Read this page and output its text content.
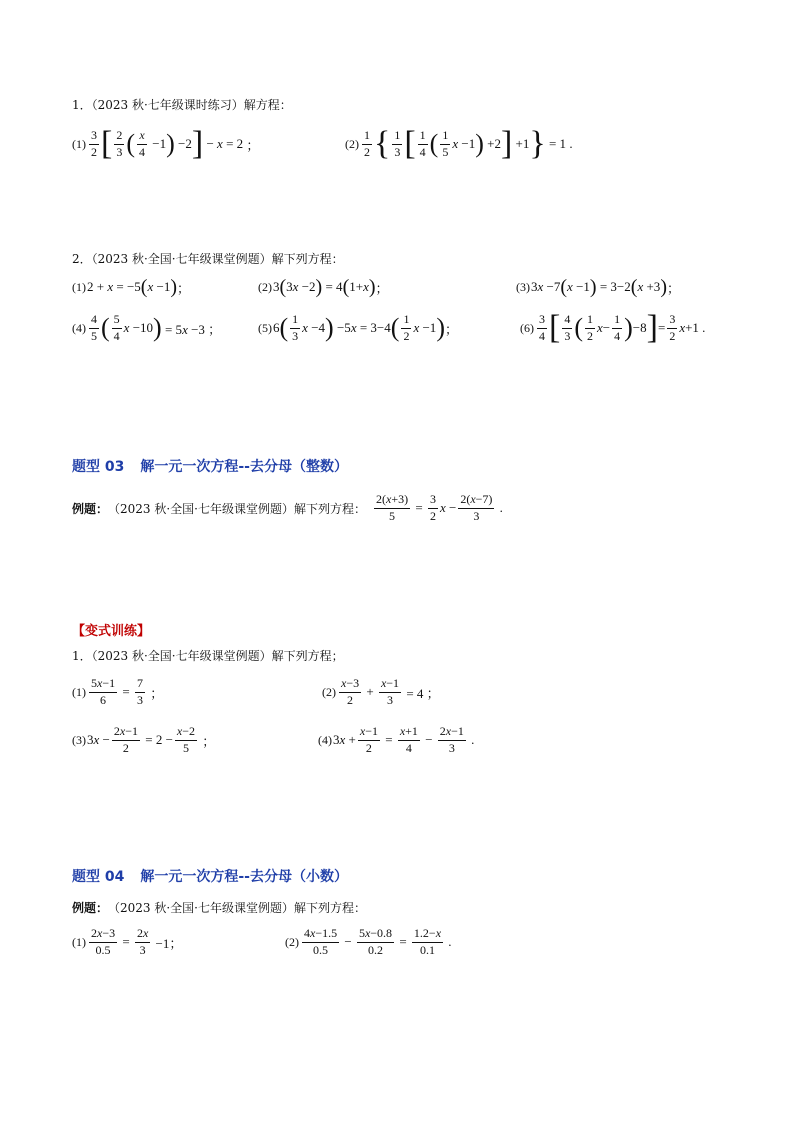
1．（2023 秋·七年级课时练习）解方程：
$(1) \frac{3}{2}$ [ $\frac{2}{3}$ ( $\frac{x}{4} -1$ ) −2 ] − x = 2 ；	$(2) \frac{1}{2}$ { $\frac{1}{3}$ [ $\frac{1}{4}$ ( $\frac{1}{5}$ x −1 ) +2 ] +1 } = 1 .
2．（2023 秋·全国·七年级课堂例题）解下列方程：
(1) 2 + x = −5 ( x −1 ) ；	(2) 3 ( 3x −2 ) = 4 ( 1+x ) ；	(3) 3x −7 ( x −1 ) = 3−2 ( x +3 ) ；
$(4) \frac{4}{5}$ ( $\frac{5}{4}$ x −10 ) = 5x −3 ；	(5) 6 ( $\frac{1}{3}$ x −4 ) −5x = 3−4 ( $\frac{1}{2}$ x −1 ) ；	$(6) \frac{3}{4}$ [ $\frac{4}{3}$ ( $\frac{1}{2} x- \frac{1}{4}$ ) −8 ] = $\frac{3}{2} x+1$ .
题型 03 解一元一次方程--去分母（整数）
例题： （2023 秋·全国·七年级课堂例题）解下列方程： $\frac{2(x+3)}{5} = \frac{3}{2}$ $x - \frac{2(x-7)}{3}$ .
【变式训练】
1．（2023 秋·全国·七年级课堂例题）解下列方程；
$(1) \frac{5x-1}{6} = \frac{7}{3}$ ；	$(2) \frac{x-3}{2} + \frac{x-1}{3} = 4$ ；
(3) $3x - \frac{2x-1}{2} = 2 - \frac{x-2}{5}$ ；	(4) $3x + \frac{x-1}{2} = \frac{x+1}{4} - \frac{2x-1}{3}$ .
题型 04 解一元一次方程--去分母（小数）
例题： （2023 秋·全国·七年级课堂例题）解下列方程：
$(1) \frac{2x-3}{0.5} = \frac{2x}{3} -1$；	$(2) \frac{4x-1.5}{0.5} - \frac{5x-0.8}{0.2} = \frac{1.2-x}{0.1}$ .
